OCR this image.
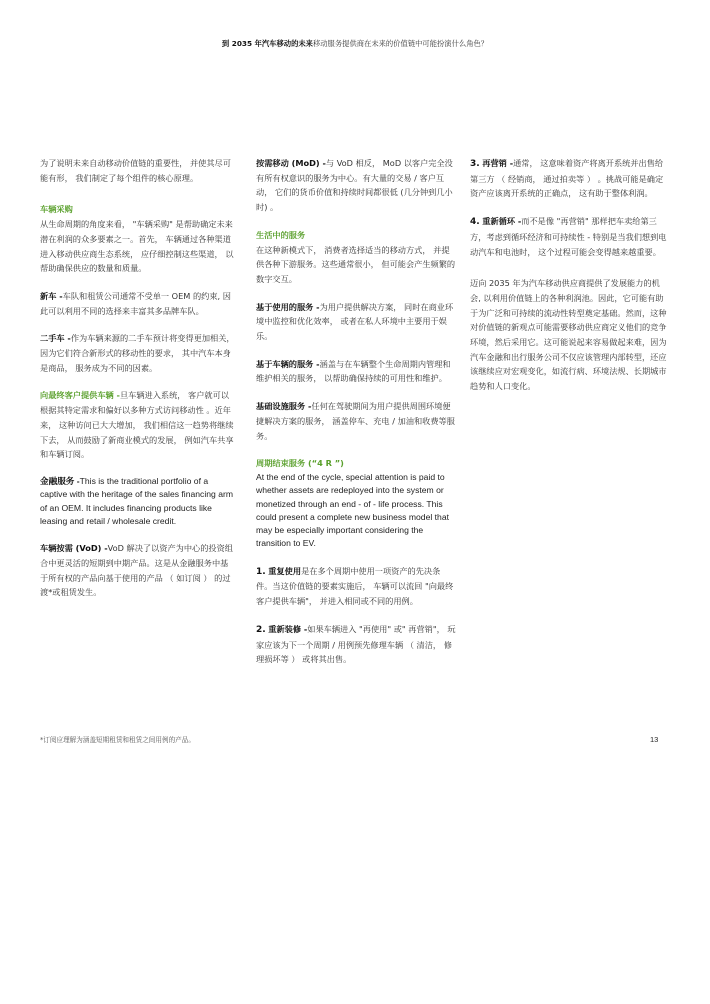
到 2035 年汽车移动的未来移动服务提供商在未来的价值链中可能扮演什么角色？

为了说明未来自动移动价值链的重要性， 并使其尽可能有形， 我们制定了每个组件的核心原理。

车辆采购

从生命周期的角度来看， "车辆采购" 是帮助确定未来潜在利润的众多要素之一。首先， 车辆通过各种渠道进入移动供应商生态系统， 应仔细控制这些渠道， 以帮助确保供应的数量和质量。

新车 -车队和租赁公司通常不受单一 OEM 的约束, 因此可以利用不同的选择来丰富其多品牌车队。

二手车 -作为车辆来源的二手车预计将变得更加相关， 因为它们符合新形式的移动性的要求， 其中汽车本身是商品， 服务成为不同的因素。

向最终客户提供车辆 -旦车辆进入系统， 客户就可以根据其特定需求和偏好以多种方式访问移动性 。近年来， 这种访问已大大增加， 我们相信这一趋势将继续下去， 从而鼓励了新商业模式的发展， 例如汽车共享和车辆订阅。

金融服务 -This is the traditional portfolio of a captive with the heritage of the sales financing arm of an OEM. It includes financing products like leasing and retail / wholesale credit.

车辆按需 (VoD) -VoD 解决了以资产为中心的投资组合中更灵活的短期到中期产品。这是从金融服务中基于所有权的产品向基于使用的产品 （ 如订阅 ） 的过渡*或租赁发生。

按需移动 (MoD) -与 VoD 相反， MoD 以客户完全没有所有权意识的服务为中心。有大量的交易 / 客户互动， 它们的货币价值和持续时间都很低 (几分钟到几小时) 。

生活中的服务

在这种新模式下， 消费者选择适当的移动方式， 并提供各种下游服务。这些通常很小， 但可能会产生频繁的数字交互。

基于使用的服务 -为用户提供解决方案， 同时在商业环境中监控和优化效率， 或者在私人环境中主要用于娱乐。

基于车辆的服务 -涵盖与在车辆整个生命周期内管理和维护相关的服务， 以帮助确保持续的可用性和维护。

基础设施服务 -任何在驾驶期间为用户提供周围环境便捷解决方案的服务， 涵盖停车、充电 / 加油和收费等服务。

周期结束服务 (“4 R ”)

At the end of the cycle, special attention is paid to whether assets are redeployed into the system or monetized through an end - of - life process. This could present a complete new business model that may be especially important considering the transition to EV.

1. 重复使用是在多个周期中使用一项资产的先决条件。当这价值链的要素实施后， 车辆可以流回 "向最终客户提供车辆"， 并进入相同或不同的用例。

2. 重新装修 -如果车辆进入 "再使用" 或" 再营销"， 玩家应该为下一个周期 / 用例预先修理车辆 （ 清洁， 修理损坏等 ） 或将其出售。

3. 再营销 -通常， 这意味着资产将离开系统并出售给第三方 （ 经销商， 通过拍卖等 ） 。挑战可能是确定资产应该离开系统的正确点， 这有助于整体利润。

4. 重新循环 -而不是像 "再营销" 那样把车卖给第三方，考虑到循环经济和可持续性 - 特别是当我们想到电动汽车和电池时， 这个过程可能会变得越来越重要。

迈向 2035 年为汽车移动供应商提供了发展能力的机会, 以利用价值链上的各种利润池。因此，它可能有助于为广泛和可持续的流动性转型奠定基础。然而，这种对价值链的新观点可能需要移动供应商定义他们的竞争环境，然后采用它。这可能说起来容易做起来难，因为汽车金融和出行服务公司不仅应该管理内部转型，还应该继续应对宏观变化，如流行病、环境法规、长期城市趋势和人口变化。

*订阅应理解为涵盖短期租赁和租赁之间用例的产品。	13
